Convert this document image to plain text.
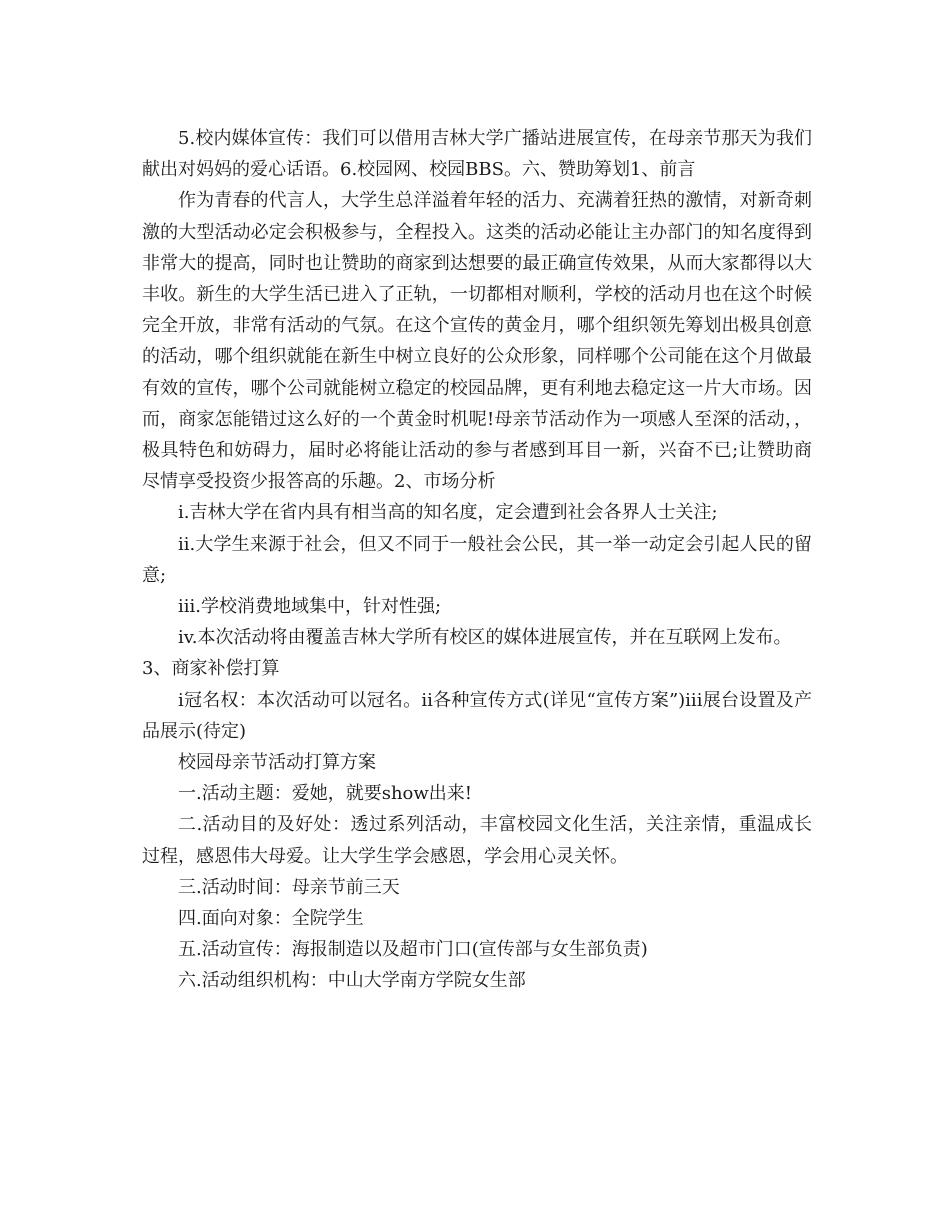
5.校内媒体宣传：我们可以借用吉林大学广播站进展宣传，在母亲节那天为我们献出对妈妈的爱心话语。6.校园网、校园BBS。六、赞助筹划1、前言

作为青春的代言人，大学生总洋溢着年轻的活力、充满着狂热的激情，对新奇刺激的大型活动必定会积极参与，全程投入。这类的活动必能让主办部门的知名度得到非常大的提高，同时也让赞助的商家到达想要的最正确宣传效果，从而大家都得以大丰收。新生的大学生活已进入了正轨，一切都相对顺利，学校的活动月也在这个时候完全开放，非常有活动的气氛。在这个宣传的黄金月，哪个组织领先筹划出极具创意的活动，哪个组织就能在新生中树立良好的公众形象，同样哪个公司能在这个月做最有效的宣传，哪个公司就能树立稳定的校园品牌，更有利地去稳定这一片大市场。因而，商家怎能错过这么好的一个黄金时机呢!母亲节活动作为一项感人至深的活动，，极具特色和妨碍力，届时必将能让活动的参与者感到耳目一新，兴奋不已;让赞助商尽情享受投资少报答高的乐趣。2、市场分析

i.吉林大学在省内具有相当高的知名度，定会遭到社会各界人士关注;

ii.大学生来源于社会，但又不同于一般社会公民，其一举一动定会引起人民的留意;

iii.学校消费地域集中，针对性强;

iv.本次活动将由覆盖吉林大学所有校区的媒体进展宣传，并在互联网上发布。

3、商家补偿打算

i冠名权：本次活动可以冠名。ii各种宣传方式(详见“宣传方案”)iii展台设置及产品展示(待定)

校园母亲节活动打算方案

一.活动主题：爱她，就要show出来!

二.活动目的及好处：透过系列活动，丰富校园文化生活，关注亲情，重温成长过程，感恩伟大母爱。让大学生学会感恩，学会用心灵关怀。

三.活动时间：母亲节前三天

四.面向对象：全院学生

五.活动宣传：海报制造以及超市门口(宣传部与女生部负责)

六.活动组织机构：中山大学南方学院女生部
